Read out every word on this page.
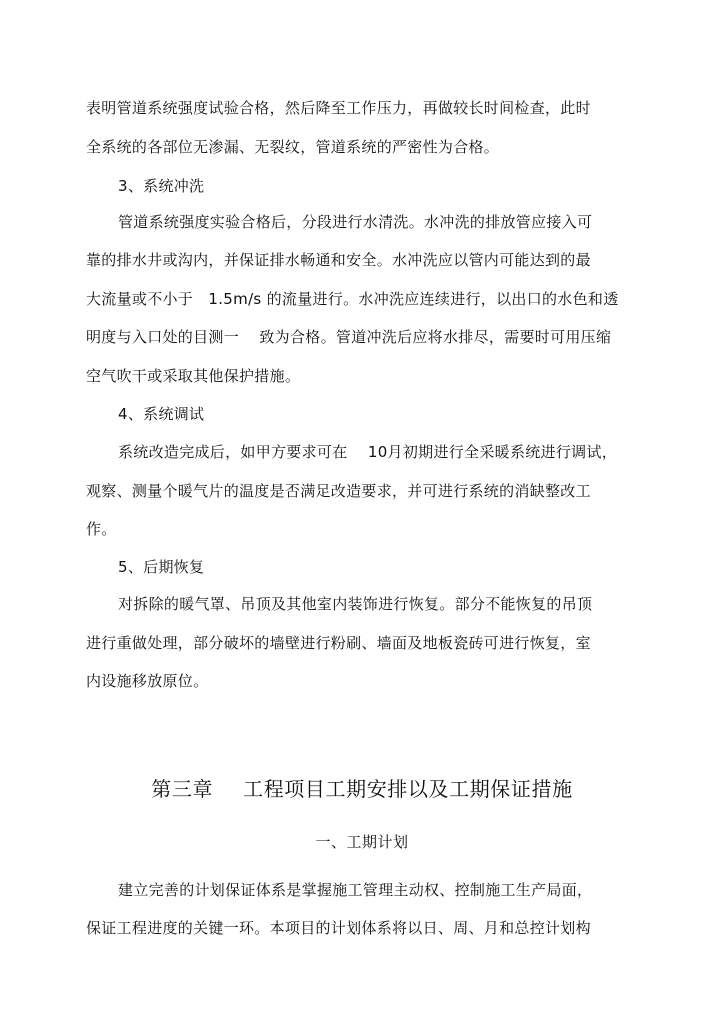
表明管道系统强度试验合格，然后降至工作压力，再做较长时间检查，此时
全系统的各部位无渗漏、无裂纹，管道系统的严密性为合格。
3、系统冲洗
管道系统强度实验合格后，分段进行水清洗。水冲洗的排放管应接入可
靠的排水井或沟内，并保证排水畅通和安全。水冲洗应以管内可能达到的最
大流量或不小于　1.5m/s 的流量进行。水冲洗应连续进行，以出口的水色和透
明度与入口处的目测一　 致为合格。管道冲洗后应将水排尽，需要时可用压缩
空气吹干或采取其他保护措施。
4、系统调试
系统改造完成后，如甲方要求可在　 10月初期进行全采暖系统进行调试，
观察、测量个暖气片的温度是否满足改造要求，并可进行系统的消缺整改工
作。
5、后期恢复
对拆除的暖气罩、吊顶及其他室内装饰进行恢复。部分不能恢复的吊顶
进行重做处理，部分破坏的墙壁进行粉刷、墙面及地板瓷砖可进行恢复，室
内设施移放原位。
第三章 工程项目工期安排以及工期保证措施
一、工期计划
建立完善的计划保证体系是掌握施工管理主动权、控制施工生产局面，
保证工程进度的关键一环。本项目的计划体系将以日、周、月和总控计划构
